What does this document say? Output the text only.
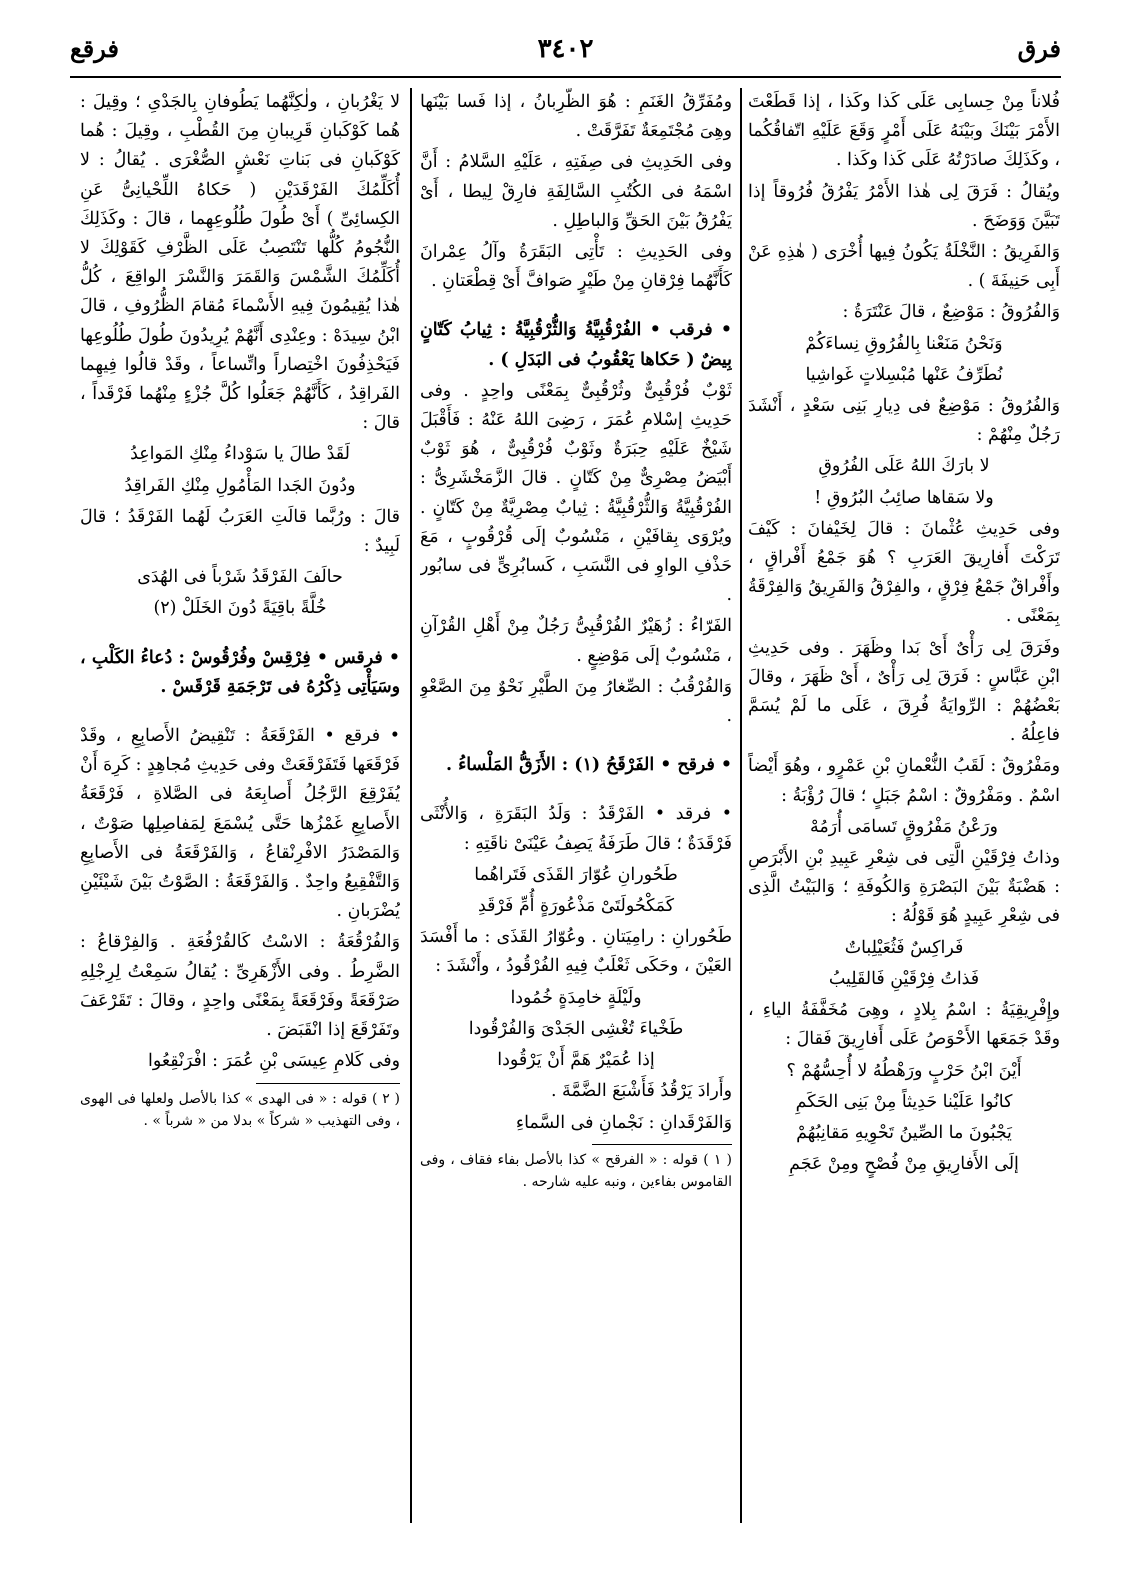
فرق
٣٤٠٢
فرقع

فُلاناً مِنْ حِسابِى عَلَى كَذا وكَذا ، إذا قَطَعْتَ الأَمْرَ بَيْنَكَ وبَيْنَهُ عَلَى أَمْرٍ وَقَعَ عَلَيْهِ اتّفاقُكُما ، وكَذَلِكَ صادَرْتُهُ عَلَى كَذا وكَذا .

ويُقالُ : فَرَقَ لِى هٰذا الأَمْرُ يَفْرُقُ فُرُوقاً إذا تَبَيَّنَ وَوَضَحَ .

وَالفَرِيقُ : النَّخْلَةُ يَكُونُ فِيها أُخْرَى ( هٰذِهِ عَنْ أَبِى حَنِيفَةَ ) .

وَالفُرُوقُ : مَوْضِعٌ ، قالَ عَنْتَرَةُ :

وَنَحْنُ مَنَعْنا بِالفُرُوقِ نِساءَكُمْ

نُطَرِّفُ عَنْها مُبْسِلاتٍ غَواشِيا

وَالفُرُوقُ : مَوْضِعٌ فى دِيارِ بَنِى سَعْدٍ ، أَنْشَدَ رَجُلٌ مِنْهُمْ :

لا بارَكَ اللهُ عَلَى الفُرُوقِ

ولا سَقاها صائِبُ البُرُوقِ !

وفى حَدِيثِ عُثْمانَ : قالَ لِخَيْفانَ : كَيْفَ تَرَكْتَ أَفارِيقَ العَرَبِ ؟ هُوَ جَمْعُ أَفْراقٍ ، وأَفْراقٌ جَمْعُ فِرْقٍ ، والفِرْقُ وَالفَرِيقُ وَالفِرْقَةُ بِمَعْنًى .

وفَرَقَ لِى رَأْىٌ أَىْ بَدا وظَهَرَ . وفى حَدِيثِ ابْنِ عَبَّاسٍ : فَرَقَ لِى رَأْىٌ ، أَىْ ظَهَرَ ، وقالَ بَعْضُهُمْ : الرِّوايَةُ فُرِقَ ، عَلَى ما لَمْ يُسَمَّ فاعِلُهُ .

ومَفْرُوقٌ : لَقَبُ النُّعْمانِ بْنِ عَمْرٍو ، وهُوَ أَيْضاً اسْمٌ . ومَفْرُوقٌ : اسْمُ جَبَلٍ ؛ قالَ رُؤْبَةُ :

ورَعْنُ مَفْرُوقٍ تَسامَى أُرَمُهْ

وذاتُ فِرْقَيْنِ الَّتِى فى شِعْرِ عَبِيدِ بْنِ الأَبْرَصِ : هَضْبَةٌ بَيْنَ البَصْرَةِ وَالكُوفَةِ ؛ وَالبَيْتُ الَّذِى فى شِعْرِ عَبِيدٍ هُوَ قَوْلُهُ :

فَراكِسٌ فَثُعَيْلِباتٌ

فَذاتُ فِرْقَيْنِ فَالقَلِيبُ

وإِفْرِيقِيَةُ : اسْمُ بِلادٍ ، وهِىَ مُخَفَّفَةُ الياءِ ، وقَدْ جَمَعَها الأَحْوَصُ عَلَى أَفارِيقَ فَقالَ :

أَيْنَ ابْنُ حَرْبٍ ورَهْطُهُ لا أُحِسُّهُمْ ؟

كانُوا عَلَيْنا حَدِيثاً مِنْ بَنِى الحَكَمِ

يَجْبُونَ ما الصِّينُ تَحْوِيهِ مَقانِبُهُمْ

إلَى الأَفارِيقِ مِنْ فُصْحٍ ومِنْ عَجَمِ

ومُفَرِّقُ الغَنَمِ : هُوَ الظَّرِبانُ ، إذا فَسا بَيْنَها وهِىَ مُجْتَمِعَةٌ تَفَرَّقَتْ .

وفى الحَدِيثِ فى صِفَتِهِ ، عَلَيْهِ السَّلامُ : أَنَّ اسْمَهُ فى الكُتُبِ السَّالِفَةِ فارِقْ لِيطا ، أَىْ يَفْرُقُ بَيْنَ الحَقِّ وَالباطِلِ .

وفى الحَدِيثِ : تَأْتِى البَقَرَةُ وآلُ عِمْرانَ كَأَنَّهُما فِرْقانِ مِنْ طَيْرٍ صَوافَّ أَىْ قِطْعَتانِ .

• فرقب • الفُرْقُبِيَّةُ وَالثُّرْقُبِيَّةُ : ثِيابُ كَتّانٍ بِيضٌ ( حَكاها يَعْقُوبُ فى البَدَلِ ) .

ثَوْبٌ فُرْقُبِىٌّ وثُرْقُبِىٌّ بِمَعْنًى واحِدٍ . وفى حَدِيثِ إسْلامِ عُمَرَ ، رَضِىَ اللهُ عَنْهُ : فَأَقْبَلَ شَيْخٌ عَلَيْهِ حِبَرَةٌ وثَوْبٌ فُرْقُبِىٌّ ، هُوَ ثَوْبٌ أَبْيَضُ مِصْرِىٌّ مِنْ كَتّانٍ . قالَ الزَّمَخْشَرِىُّ : الفُرْقُبِيَّةُ وَالثُّرْقُبِيَّةُ : ثِيابٌ مِصْرِيَّةٌ مِنْ كَتّانٍ . ويُرْوَى بِقافَيْنِ ، مَنْسُوبٌ إلَى قُرْقُوبٍ ، مَعَ حَذْفِ الواوِ فى النَّسَبِ ، كَسابُرِىٍّ فى سابُور .

الفَرّاءُ : زُهَيْرٌ الفُرْقُبِىُّ رَجُلٌ مِنْ أَهْلِ القُرْآنِ ، مَنْسُوبٌ إلَى مَوْضِعٍ .

وَالفُرْقُبُ : الصِّغارُ مِنَ الطَّيْرِ نَحْوٌ مِنَ الصَّعْوِ .

• فرقح • الفَرْقَحُ (١) : الأَزَقُّ المَلْساءُ .

• فرقد • الفَرْقَدُ : وَلَدُ البَقَرَةِ ، وَالأُنْثَى فَرْقَدَةٌ ؛ قالَ طَرَفَةُ يَصِفُ عَيْنَىْ ناقَتِهِ :

طَحُورانِ عُوّارَ القَذَى فَتَراهُما

كَمَكْحُولَتَىْ مَذْعُورَةٍ أُمِّ فَرْقَدِ

طَحُورانِ : رامِيَتانِ . وعُوّارُ القَذَى : ما أَفْسَدَ العَيْنَ ، وحَكَى ثَعْلَبٌ فِيهِ الفُرْقُودُ ، وأَنْشَدَ :

ولَيْلَةٍ خامِدَةٍ خُمُودا

طَخْياءَ تُغْشِى الجَدْىَ وَالفُرْقُودا

إذا عُمَيْرٌ هَمَّ أَنْ يَرْقُودا

وأَرادَ يَرْقُدُ فَأَشْبَعَ الضَّمَّةَ .

وَالفَرْقَدانِ : نَجْمانِ فى السَّماءِ

( ١ ) قوله : « الفرقح » كذا بالأصل بفاء فقاف ، وفى القاموس بفاءين ، ونبه عليه شارحه .

لا يَغْرُبانِ ، ولٰكِنَّهُما يَطُوفانِ بِالجَدْىِ ؛ وقِيلَ : هُما كَوْكَبانِ قَرِيبانِ مِنَ القُطْبِ ، وقِيلَ : هُما كَوْكَبانِ فى بَناتِ نَعْشٍ الصُّغْرَى . يُقالُ : لا أُكَلِّمُكَ الفَرْقَدَيْنِ ( حَكاهُ اللِّحْيانِىُّ عَنِ الكِسائِىِّ ) أَىْ طُولَ طُلُوعِهِما ، قالَ : وكَذَلِكَ النُّجُومُ كُلُّها تَنْتَصِبُ عَلَى الظَّرْفِ كَقَوْلِكَ لا أُكَلِّمُكَ الشَّمْسَ وَالقَمَرَ وَالنَّسْرَ الواقِعَ ، كُلُّ هٰذا يُقِيمُونَ فِيهِ الأَسْماءَ مُقامَ الظُّرُوفِ ، قالَ ابْنُ سِيدَهْ : وعِنْدِى أَنَّهُمْ يُرِيدُونَ طُولَ طُلُوعِها فَيَحْذِفُونَ اخْتِصاراً واتِّساعاً ، وقَدْ قالُوا فِيهِما الفَراقِدُ ، كَأَنَّهُمْ جَعَلُوا كُلَّ جُزْءٍ مِنْهُما فَرْقَداً ، قالَ :

لَقَدْ طالَ يا سَوْداءُ مِنْكِ المَواعِدُ

ودُونَ الجَدا المَأْمُولِ مِنْكِ الفَراقِدُ

قالَ : ورُبَّما قالَتِ العَرَبُ لَهُما الفَرْقَدُ ؛ قالَ لَبِيدٌ :

حالَفَ الفَرْقَدُ شَرْباً فى الهُدَى

خُلَّةً باقِيَةً دُونَ الخَلَلْ (٢)

• فرقس • فِرْقِسْ وفُرْقُوسْ : دُعاءُ الكَلْبِ ، وسَيَأْتِى ذِكْرُهُ فى تَرْجَمَةِ قَرْقَسْ .

• فرقع • الفَرْقَعَةُ : تَنْقِيضُ الأَصابِعِ ، وقَدْ فَرْقَعَها فَتَفَرْقَعَتْ وفى حَدِيثِ مُجاهِدٍ : كَرِهَ أَنْ يُفَرْقِعَ الرَّجُلُ أَصابِعَهُ فى الصَّلاةِ ، فَرْقَعَةُ الأَصابِعِ غَمْزُها حَتَّى يُسْمَعَ لِمَفاصِلِها صَوْتٌ ، وَالمَصْدَرُ الافْرِنْقاعُ ، وَالفَرْقَعَةُ فى الأَصابِعِ وَالتَّفْقِيعُ واحِدٌ . وَالفَرْقَعَةُ : الصَّوْتُ بَيْنَ شَيْئَيْنِ يُضْرَبانِ .

وَالفُرْقُعَةُ : الاسْتُ كَالقُرْفُعَةِ . وَالفِرْقاعُ : الضَّرِطُ . وفى الأَزْهَرِىِّ : يُقالُ سَمِعْتُ لِرِجْلِهِ صَرْقَعَةً وفَرْقَعَةً بِمَعْنًى واحِدٍ ، وقالَ : تَقَرْعَفَ وتَفَرْقَعَ إذا انْقَبَضَ .

وفى كَلامِ عِيسَى بْنِ عُمَرَ : افْرَنْقِعُوا

( ٢ ) قوله : « فى الهدى » كذا بالأصل ولعلها فى الهوى ، وفى التهذيب « شركاً » بدلا من « شرباً » .
